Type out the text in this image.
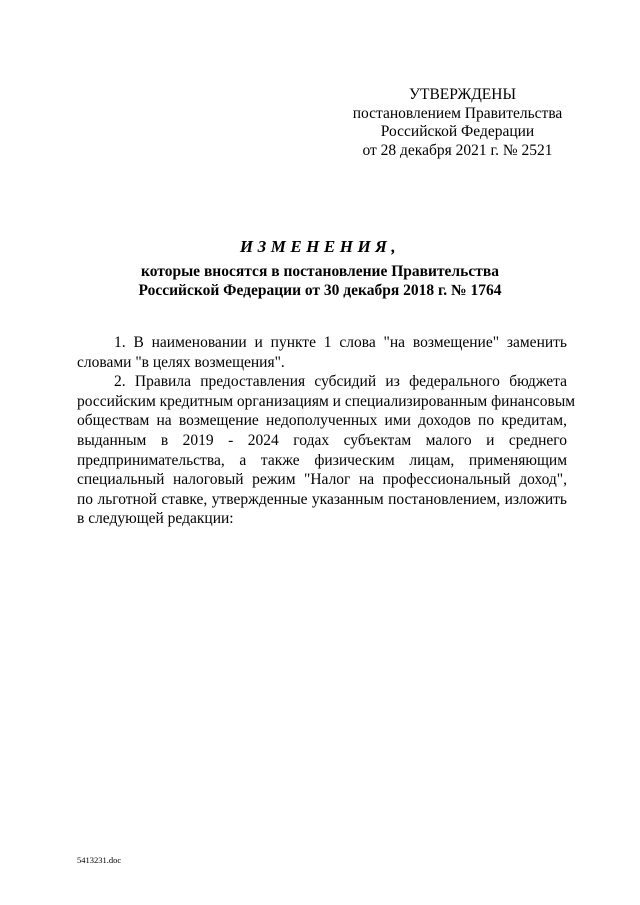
УТВЕРЖДЕНЫ
постановлением Правительства
Российской Федерации
от 28 декабря 2021 г. № 2521
ИЗМЕНЕНИЯ,
которые вносятся в постановление Правительства
Российской Федерации от 30 декабря 2018 г. № 1764

1. В наименовании и пункте 1 слова "на возмещение" заменить
словами "в целях возмещения".

2. Правила предоставления субсидий из федерального бюджета
российским кредитным организациям и специализированным финансовым
обществам на возмещение недополученных ими доходов по кредитам,
выданным в 2019 - 2024 годах субъектам малого и среднего
предпринимательства, а также физическим лицам, применяющим
специальный налоговый режим "Налог на профессиональный доход",
по льготной ставке, утвержденные указанным постановлением, изложить
в следующей редакции:

5413231.doc
